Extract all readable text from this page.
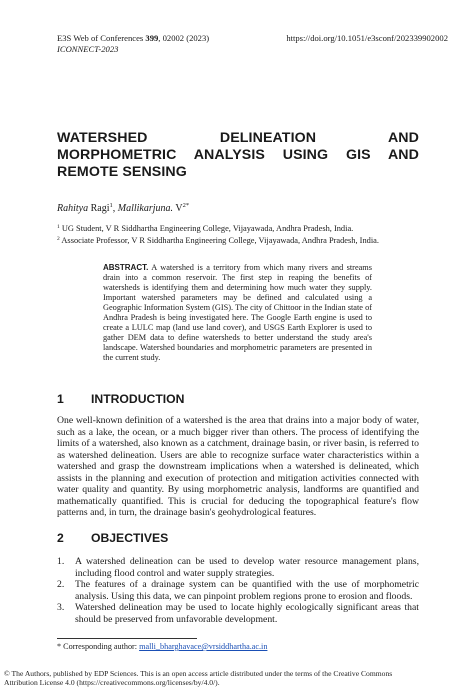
E3S Web of Conferences 399, 02002 (2023)
ICONNECT-2023
https://doi.org/10.1051/e3sconf/202339902002
WATERSHED DELINEATION AND
MORPHOMETRIC ANALYSIS USING GIS AND
REMOTE SENSING
Rahitya Ragi$^1$, Mallikarjuna. $V^{2*}$
$^1$ UG Student, V R Siddhartha Engineering College, Vijayawada, Andhra Pradesh, India.
$^2$ Associate Professor, V R Siddhartha Engineering College, Vijayawada, Andhra Pradesh, India.

ABSTRACT. A watershed is a territory from which many rivers and streams drain into a common reservoir. The first step in reaping the benefits of watersheds is identifying them and determining how much water they supply. Important watershed parameters may be defined and calculated using a Geographic Information System (GIS). The city of Chittoor in the Indian state of Andhra Pradesh is being investigated here. The Google Earth engine is used to create a LULC map (land use land cover), and USGS Earth Explorer is used to gather DEM data to define watersheds to better understand the study area's landscape. Watershed boundaries and morphometric parameters are presented in the current study.

1 INTRODUCTION

One well-known definition of a watershed is the area that drains into a major body of water, such as a lake, the ocean, or a much bigger river than others. The process of identifying the limits of a watershed, also known as a catchment, drainage basin, or river basin, is referred to as watershed delineation. Users are able to recognize surface water characteristics within a watershed and grasp the downstream implications when a watershed is delineated, which assists in the planning and execution of protection and mitigation activities connected with water quality and quantity. By using morphometric analysis, landforms are quantified and mathematically quantified. This is crucial for deducing the topographical feature's flow patterns and, in turn, the drainage basin's geohydrological features.

2 OBJECTIVES
1. A watershed delineation can be used to develop water resource management plans, including flood control and water supply strategies.
2. The features of a drainage system can be quantified with the use of morphometric analysis. Using this data, we can pinpoint problem regions prone to erosion and floods.
3. Watershed delineation may be used to locate highly ecologically significant areas that should be preserved from unfavorable development.
* Corresponding author: malli_bharghavace@vrsiddhartha.ac.in
© The Authors, published by EDP Sciences. This is an open access article distributed under the terms of the Creative Commons
Attribution License 4.0 (https://creativecommons.org/licenses/by/4.0/).
